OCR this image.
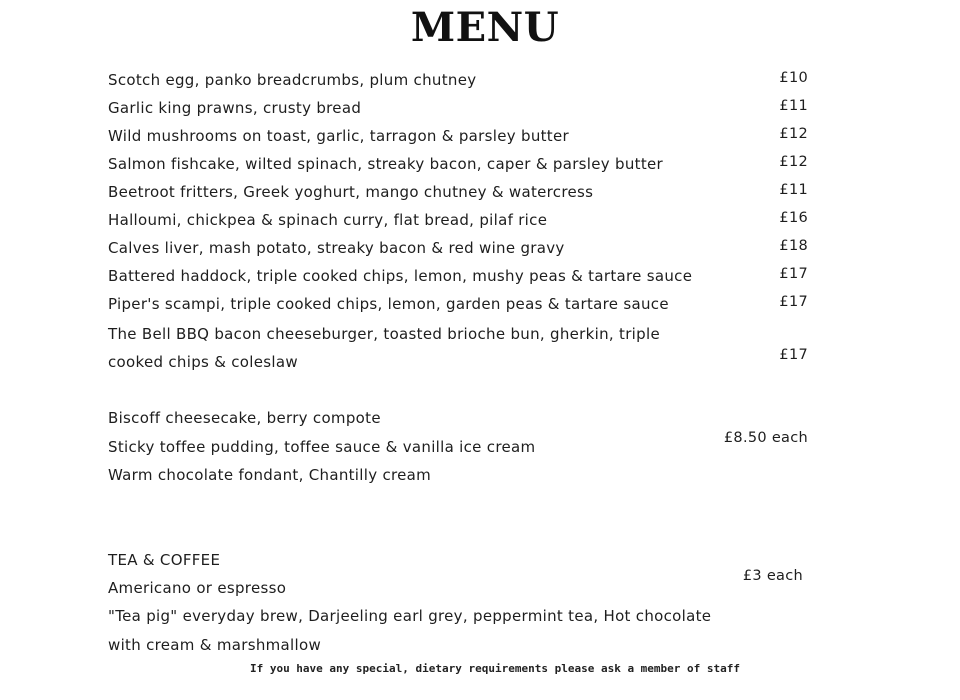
MENU
Scotch egg, panko breadcrumbs, plum chutney	£10
Garlic king prawns, crusty bread	£11
Wild mushrooms on toast, garlic, tarragon & parsley butter	£12
Salmon fishcake, wilted spinach, streaky bacon, caper & parsley butter	£12
Beetroot fritters, Greek yoghurt, mango chutney & watercress	£11
Halloumi, chickpea & spinach curry, flat bread, pilaf rice	£16
Calves liver, mash potato, streaky bacon & red wine gravy	£18
Battered haddock, triple cooked chips, lemon, mushy peas & tartare sauce	£17
Piper's scampi, triple cooked chips, lemon, garden peas & tartare sauce	£17
The Bell BBQ bacon cheeseburger, toasted brioche bun, gherkin, triple
cooked chips & coleslaw	£17
Biscoff cheesecake, berry compote
Sticky toffee pudding, toffee sauce & vanilla ice cream
Warm chocolate fondant, Chantilly cream
£8.50 each
TEA & COFFEE
Americano or espresso
"Tea pig" everyday brew, Darjeeling earl grey, peppermint tea, Hot chocolate
with cream & marshmallow
£3 each
If you have any special, dietary requirements please ask a member of staff
